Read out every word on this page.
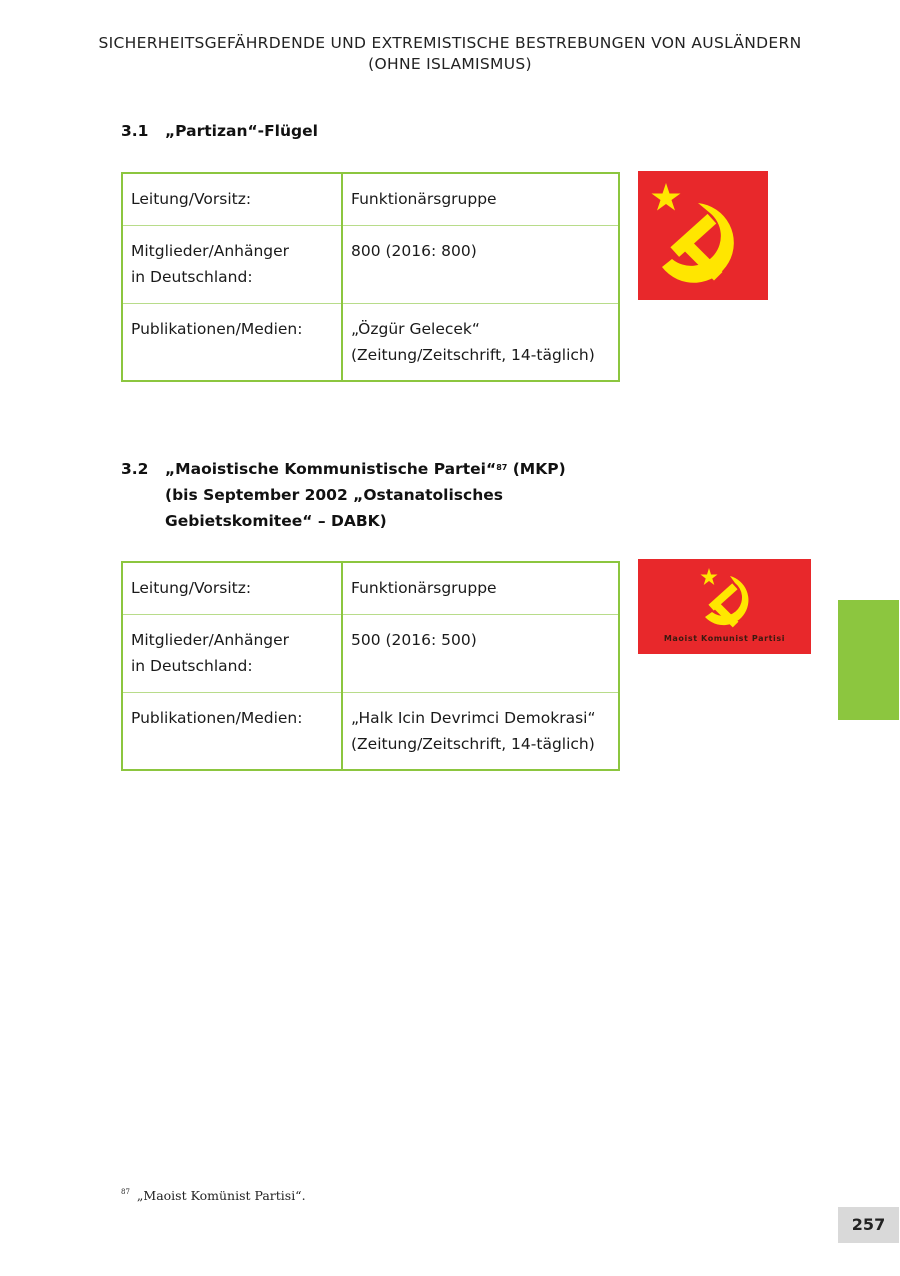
SICHERHEITSGEFÄHRDENDE UND EXTREMISTISCHE BESTREBUNGEN VON AUSLÄNDERN
(OHNE ISLAMISMUS)
3.1 „Partizan“-Flügel
Leitung/Vorsitz:	Funktionärsgruppe
Mitglieder/Anhänger
in Deutschland:	800 (2016: 800)
Publikationen/Medien:	„Özgür Gelecek“
(Zeitung/Zeitschrift, 14-täglich)
3.2 „Maoistische Kommunistische Partei“$^{87}$ (MKP)
(bis September 2002 „Ostanatolisches
Gebietskomitee“ – DABK)
Leitung/Vorsitz:	Funktionärsgruppe
Mitglieder/Anhänger
in Deutschland:	500 (2016: 500)
Publikationen/Medien:	„Halk Icin Devrimci Demokrasi“
(Zeitung/Zeitschrift, 14-täglich)
Maoist Komunist Partisi
$^{87}$ „Maoist Komünist Partisi“.
257
